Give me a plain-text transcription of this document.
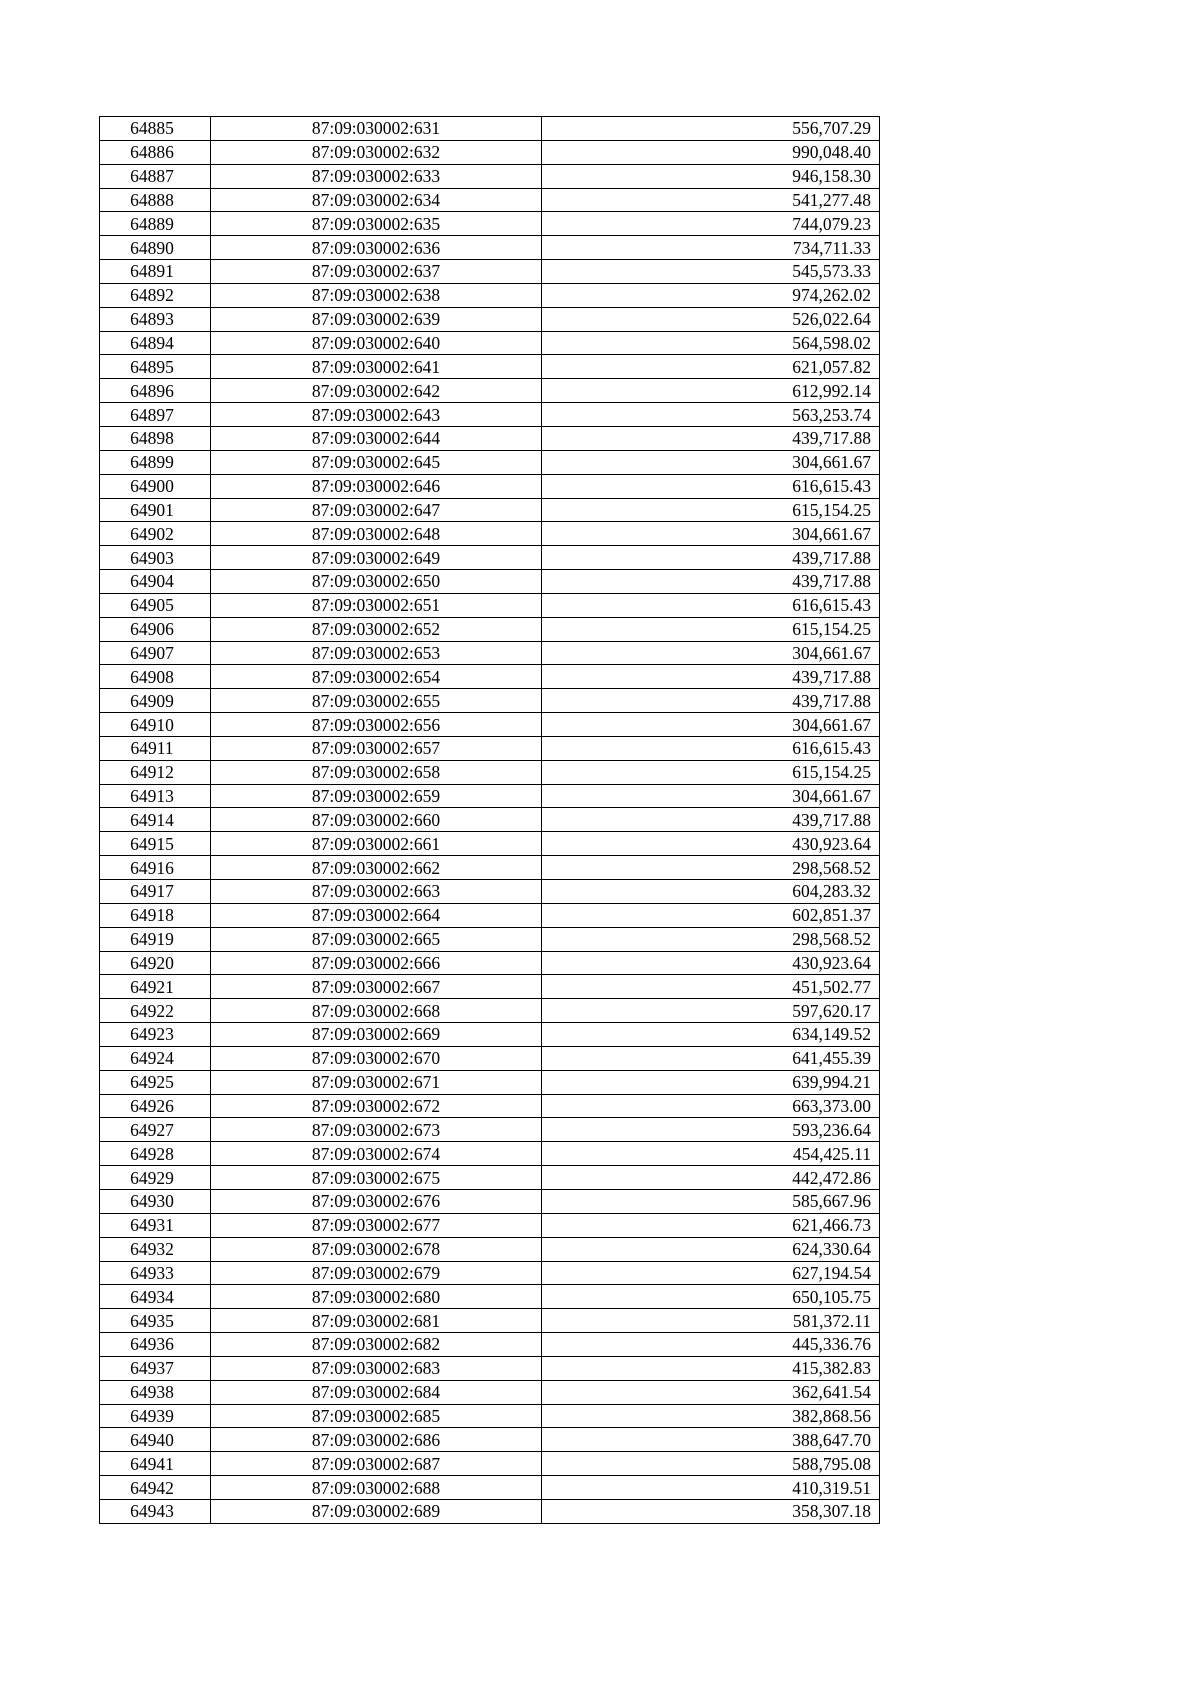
64885	87:09:030002:631	556,707.29
64886	87:09:030002:632	990,048.40
64887	87:09:030002:633	946,158.30
64888	87:09:030002:634	541,277.48
64889	87:09:030002:635	744,079.23
64890	87:09:030002:636	734,711.33
64891	87:09:030002:637	545,573.33
64892	87:09:030002:638	974,262.02
64893	87:09:030002:639	526,022.64
64894	87:09:030002:640	564,598.02
64895	87:09:030002:641	621,057.82
64896	87:09:030002:642	612,992.14
64897	87:09:030002:643	563,253.74
64898	87:09:030002:644	439,717.88
64899	87:09:030002:645	304,661.67
64900	87:09:030002:646	616,615.43
64901	87:09:030002:647	615,154.25
64902	87:09:030002:648	304,661.67
64903	87:09:030002:649	439,717.88
64904	87:09:030002:650	439,717.88
64905	87:09:030002:651	616,615.43
64906	87:09:030002:652	615,154.25
64907	87:09:030002:653	304,661.67
64908	87:09:030002:654	439,717.88
64909	87:09:030002:655	439,717.88
64910	87:09:030002:656	304,661.67
64911	87:09:030002:657	616,615.43
64912	87:09:030002:658	615,154.25
64913	87:09:030002:659	304,661.67
64914	87:09:030002:660	439,717.88
64915	87:09:030002:661	430,923.64
64916	87:09:030002:662	298,568.52
64917	87:09:030002:663	604,283.32
64918	87:09:030002:664	602,851.37
64919	87:09:030002:665	298,568.52
64920	87:09:030002:666	430,923.64
64921	87:09:030002:667	451,502.77
64922	87:09:030002:668	597,620.17
64923	87:09:030002:669	634,149.52
64924	87:09:030002:670	641,455.39
64925	87:09:030002:671	639,994.21
64926	87:09:030002:672	663,373.00
64927	87:09:030002:673	593,236.64
64928	87:09:030002:674	454,425.11
64929	87:09:030002:675	442,472.86
64930	87:09:030002:676	585,667.96
64931	87:09:030002:677	621,466.73
64932	87:09:030002:678	624,330.64
64933	87:09:030002:679	627,194.54
64934	87:09:030002:680	650,105.75
64935	87:09:030002:681	581,372.11
64936	87:09:030002:682	445,336.76
64937	87:09:030002:683	415,382.83
64938	87:09:030002:684	362,641.54
64939	87:09:030002:685	382,868.56
64940	87:09:030002:686	388,647.70
64941	87:09:030002:687	588,795.08
64942	87:09:030002:688	410,319.51
64943	87:09:030002:689	358,307.18
